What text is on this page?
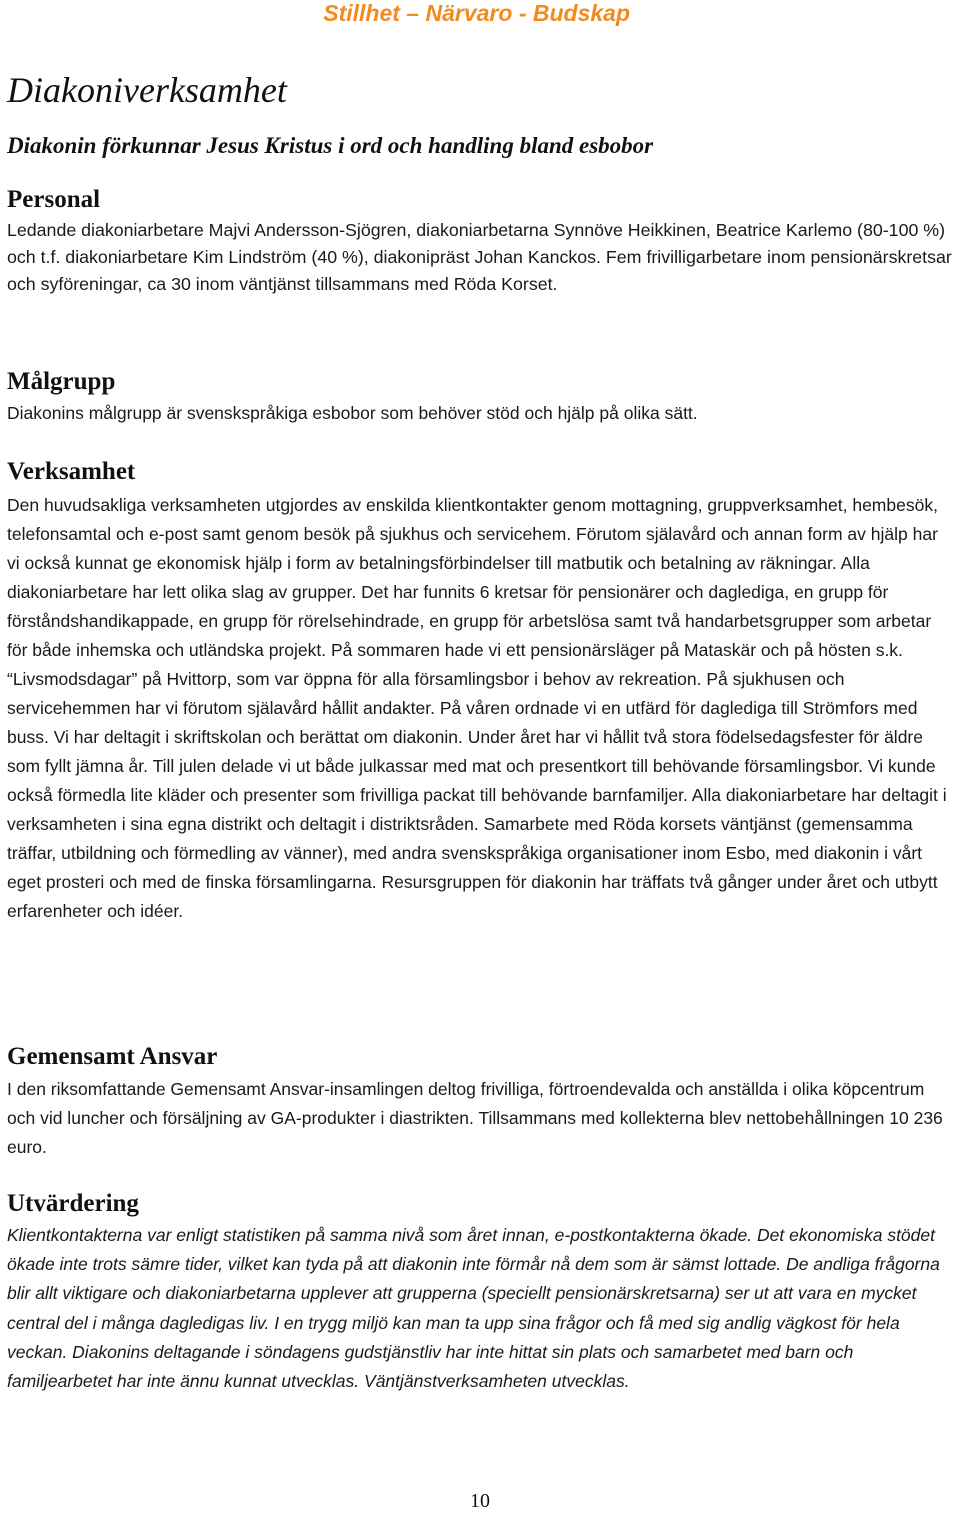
Stillhet – Närvaro - Budskap
Diakoniverksamhet
Diakonin förkunnar Jesus Kristus i ord och handling bland esbobor
Personal

Ledande diakoniarbetare Majvi Andersson-Sjögren, diakoniarbetarna Synnöve Heikkinen, Beatrice Karlemo (80-100 %) och t.f. diakoniarbetare Kim Lindström (40 %), diakonipräst Johan Kanckos. Fem frivilligarbetare inom pensionärskretsar och syföreningar, ca 30 inom väntjänst tillsammans med Röda Korset.

Målgrupp

Diakonins målgrupp är svenskspråkiga esbobor som behöver stöd och hjälp på olika sätt.

Verksamhet

Den huvudsakliga verksamheten utgjordes av enskilda klientkontakter genom mottagning, gruppverksamhet, hembesök, telefonsamtal och e-post samt genom besök på sjukhus och servicehem. Förutom själavård och annan form av hjälp har vi också kunnat ge ekonomisk hjälp i form av betalningsförbindelser till matbutik och betalning av räkningar. Alla diakoniarbetare har lett olika slag av grupper. Det har funnits 6 kretsar för pensionärer och daglediga, en grupp för förståndshandikappade, en grupp för rörelsehindrade, en grupp för arbetslösa samt två handarbetsgrupper som arbetar för både inhemska och utländska projekt. På sommaren hade vi ett pensionärsläger på Mataskär och på hösten s.k. “Livsmodsdagar” på Hvittorp, som var öppna för alla församlingsbor i behov av rekreation. På sjukhusen och servicehemmen har vi förutom själavård hållit andakter. På våren ordnade vi en utfärd för daglediga till Strömfors med buss. Vi har deltagit i skriftskolan och berättat om diakonin. Under året har vi hållit två stora födelsedagsfester för äldre som fyllt jämna år. Till julen delade vi ut både julkassar med mat och presentkort till behövande församlingsbor. Vi kunde också förmedla lite kläder och presenter som frivilliga packat till behövande barnfamiljer. Alla diakoniarbetare har deltagit i verksamheten i sina egna distrikt och deltagit i distriktsråden. Samarbete med Röda korsets väntjänst (gemensamma träffar, utbildning och förmedling av vänner), med andra svenskspråkiga organisationer inom Esbo, med diakonin i vårt eget prosteri och med de finska församlingarna. Resursgruppen för diakonin har träffats två gånger under året och utbytt erfarenheter och idéer.

Gemensamt Ansvar

I den riksomfattande Gemensamt Ansvar-insamlingen deltog frivilliga, förtroendevalda och anställda i olika köpcentrum och vid luncher och försäljning av GA-produkter i diastrikten. Tillsammans med kollekterna blev nettobehållningen 10 236 euro.

Utvärdering

Klientkontakterna var enligt statistiken på samma nivå som året innan, e-postkontakterna ökade. Det ekonomiska stödet ökade inte trots sämre tider, vilket kan tyda på att diakonin inte förmår nå dem som är sämst lottade. De andliga frågorna blir allt viktigare och diakoniarbetarna upplever att grupperna (speciellt pensionärskretsarna) ser ut att vara en mycket central del i många dagledigas liv. I en trygg miljö kan man ta upp sina frågor och få med sig andlig vägkost för hela veckan. Diakonins deltagande i söndagens gudstjänstliv har inte hittat sin plats och samarbetet med barn och familjearbetet har inte ännu kunnat utvecklas. Väntjänstverksamheten utvecklas.

10
